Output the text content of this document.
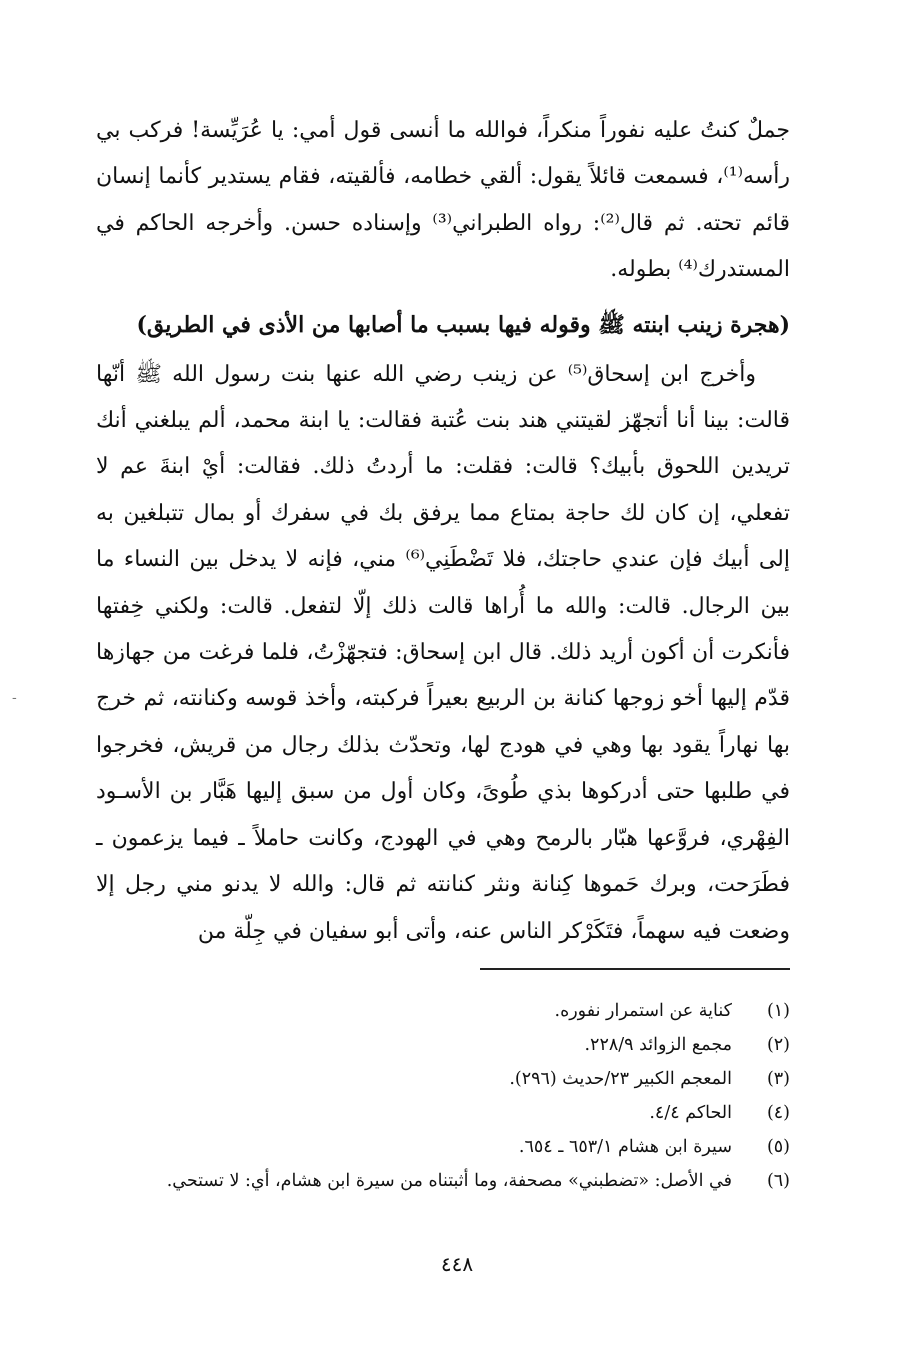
جملٌ كنتُ عليه نفوراً منكراً، فوالله ما أنسى قول أمي: يا عُرَيِّسة! فركب بي رأسه⁽¹⁾، فسمعت قائلاً يقول: ألقي خطامه، فألقيته، فقام يستدير كأنما إنسان قائم تحته. ثم قال⁽²⁾: رواه الطبراني⁽³⁾ وإسناده حسن. وأخرجه الحاكم في المستدرك⁽⁴⁾ بطوله.

(هجرة زينب ابنته ﷺ وقوله فيها بسبب ما أصابها من الأذى في الطريق)

وأخرج ابن إسحاق⁽⁵⁾ عن زينب رضي الله عنها بنت رسول الله ﷺ أنّها قالت: بينا أنا أتجهّز لقيتني هند بنت عُتبة فقالت: يا ابنة محمد، ألم يبلغني أنك تريدين اللحوق بأبيك؟ قالت: فقلت: ما أردتُ ذلك. فقالت: أيْ ابنةَ عم لا تفعلي، إن كان لك حاجة بمتاع مما يرفق بك في سفرك أو بمال تتبلغين به إلى أبيك فإن عندي حاجتك، فلا تَضْطَنِي⁽⁶⁾ مني، فإنه لا يدخل بين النساء ما بين الرجال. قالت: والله ما أُراها قالت ذلك إلّا لتفعل. قالت: ولكني خِفتها فأنكرت أن أكون أريد ذلك. قال ابن إسحاق: فتجهّزْتُ، فلما فرغت من جهازها قدّم إليها أخو زوجها كنانة بن الربيع بعيراً فركبته، وأخذ قوسه وكنانته، ثم خرج بها نهاراً يقود بها وهي في هودج لها، وتحدّث بذلك رجال من قريش، فخرجوا في طلبها حتى أدركوها بذي طُوىً، وكان أول من سبق إليها هَبَّار بن الأسـود الفِهْري، فروَّعها هبّار بالرمح وهي في الهودج، وكانت حاملاً ـ فيما يزعمون ـ فطَرَحت، وبرك حَموها كِنانة ونثر كنانته ثم قال: والله لا يدنو مني رجل إلا وضعت فيه سهماً، فتَكَرْكر الناس عنه، وأتى أبو سفيان في جِلّة من

(١)
كناية عن استمرار نفوره.
(٢)
مجمع الزوائد ٢٢٨/٩.
(٣)
المعجم الكبير ٢٣/حديث (٢٩٦).
(٤)
الحاكم ٤/٤.
(٥)
سيرة ابن هشام ٦٥٣/١ ـ ٦٥٤.
(٦)
في الأصل: «تضطبني» مصحفة، وما أثبتناه من سيرة ابن هشام، أي: لا تستحي.
٤٤٨
-
